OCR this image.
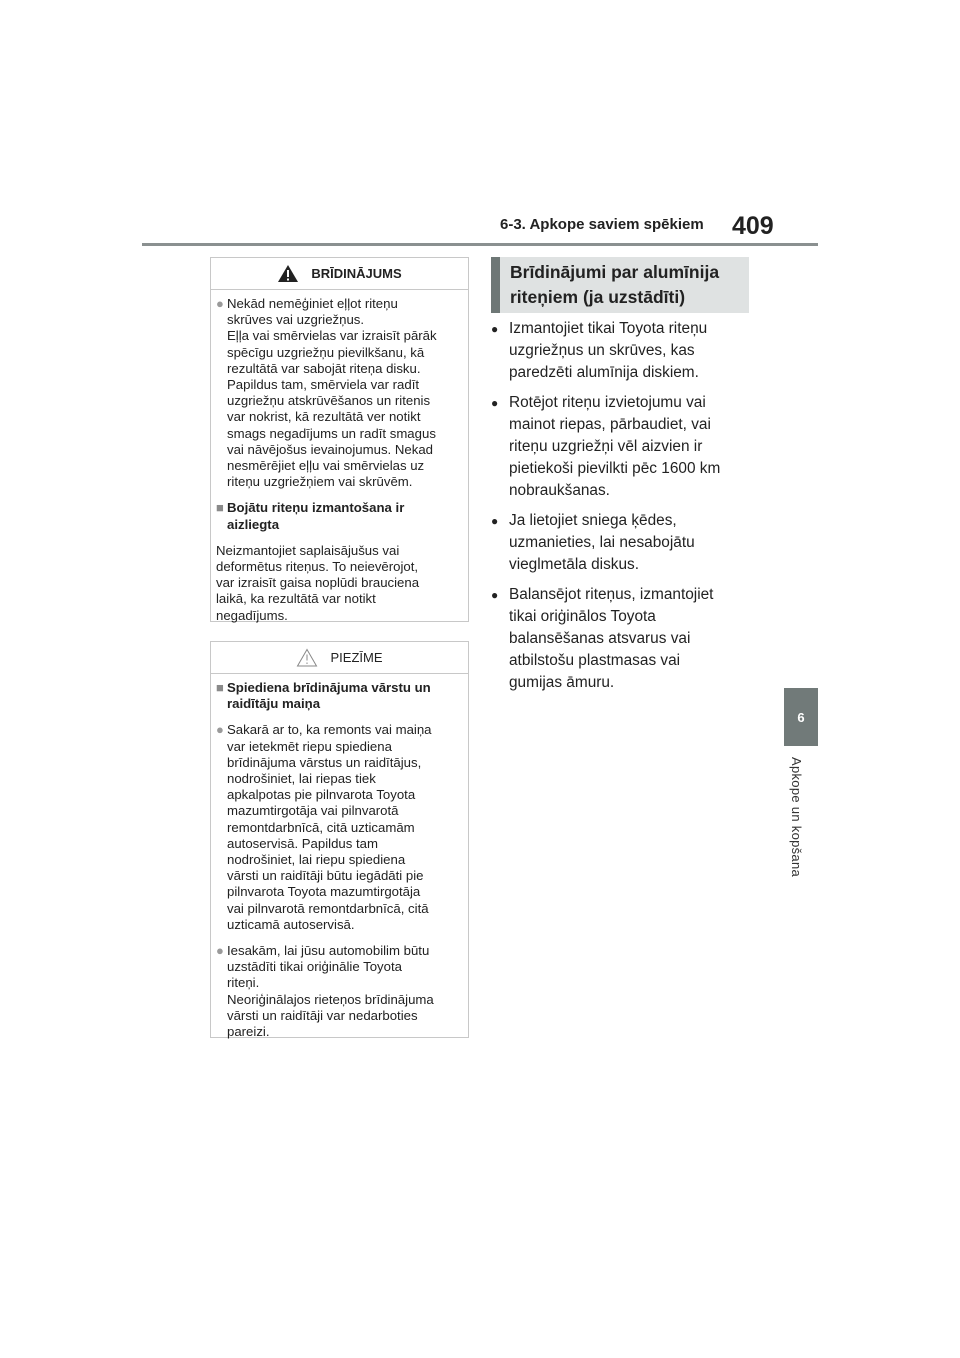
6-3. Apkope saviem spēkiem 409
6
Apkope un kopšana
BRĪDINĀJUMS
● Nekād nemēģiniet eļļot riteņu
skrūves vai uzgriežņus.
Eļļa vai smērvielas var izraisīt pārāk
spēcīgu uzgriežņu pievilkšanu, kā
rezultātā var sabojāt riteņa disku.
Papildus tam, smērviela var radīt
uzgriežņu atskrūvēšanos un ritenis
var nokrist, kā rezultātā ver notikt
smags negadījums un radīt smagus
vai nāvējošus ievainojumus. Nekad
nesmērējiet eļļu vai smērvielas uz
riteņu uzgriežņiem vai skrūvēm.
■ Bojātu riteņu izmantošana ir
aizliegta
Neizmantojiet saplaisājušus vai
deformētus riteņus. To neievērojot,
var izraisīt gaisa noplūdi brauciena
laikā, ka rezultātā var notikt
negadījums.
PIEZĪME
■ Spiediena brīdinājuma vārstu un
raidītāju maiņa
● Sakarā ar to, ka remonts vai maiņa
var ietekmēt riepu spiediena
brīdinājuma vārstus un raidītājus,
nodrošiniet, lai riepas tiek
apkalpotas pie pilnvarota Toyota
mazumtirgotāja vai pilnvarotā
remontdarbnīcā, citā uzticamām
autoservisā. Papildus tam
nodrošiniet, lai riepu spiediena
vārsti un raidītāji būtu iegādāti pie
pilnvarota Toyota mazumtirgotāja
vai pilnvarotā remontdarbnīcā, citā
uzticamā autoservisā.
● Iesakām, lai jūsu automobilim būtu
uzstādīti tikai oriģinālie Toyota
riteņi.
Neoriģinālajos rieteņos brīdinājuma
vārsti un raidītāji var nedarboties
pareizi.
Brīdinājumi par alumīnija
riteņiem (ja uzstādīti)
● Izmantojiet tikai Toyota riteņu
uzgriežņus un skrūves, kas
paredzēti alumīnija diskiem.
● Rotējot riteņu izvietojumu vai
mainot riepas, pārbaudiet, vai
riteņu uzgriežņi vēl aizvien ir
pietiekoši pievilkti pēc 1600 km
nobraukšanas.
● Ja lietojiet sniega ķēdes,
uzmanieties, lai nesabojātu
vieglmetāla diskus.
● Balansējot riteņus, izmantojiet
tikai oriģinālos Toyota
balansēšanas atsvarus vai
atbilstošu plastmasas vai
gumijas āmuru.
